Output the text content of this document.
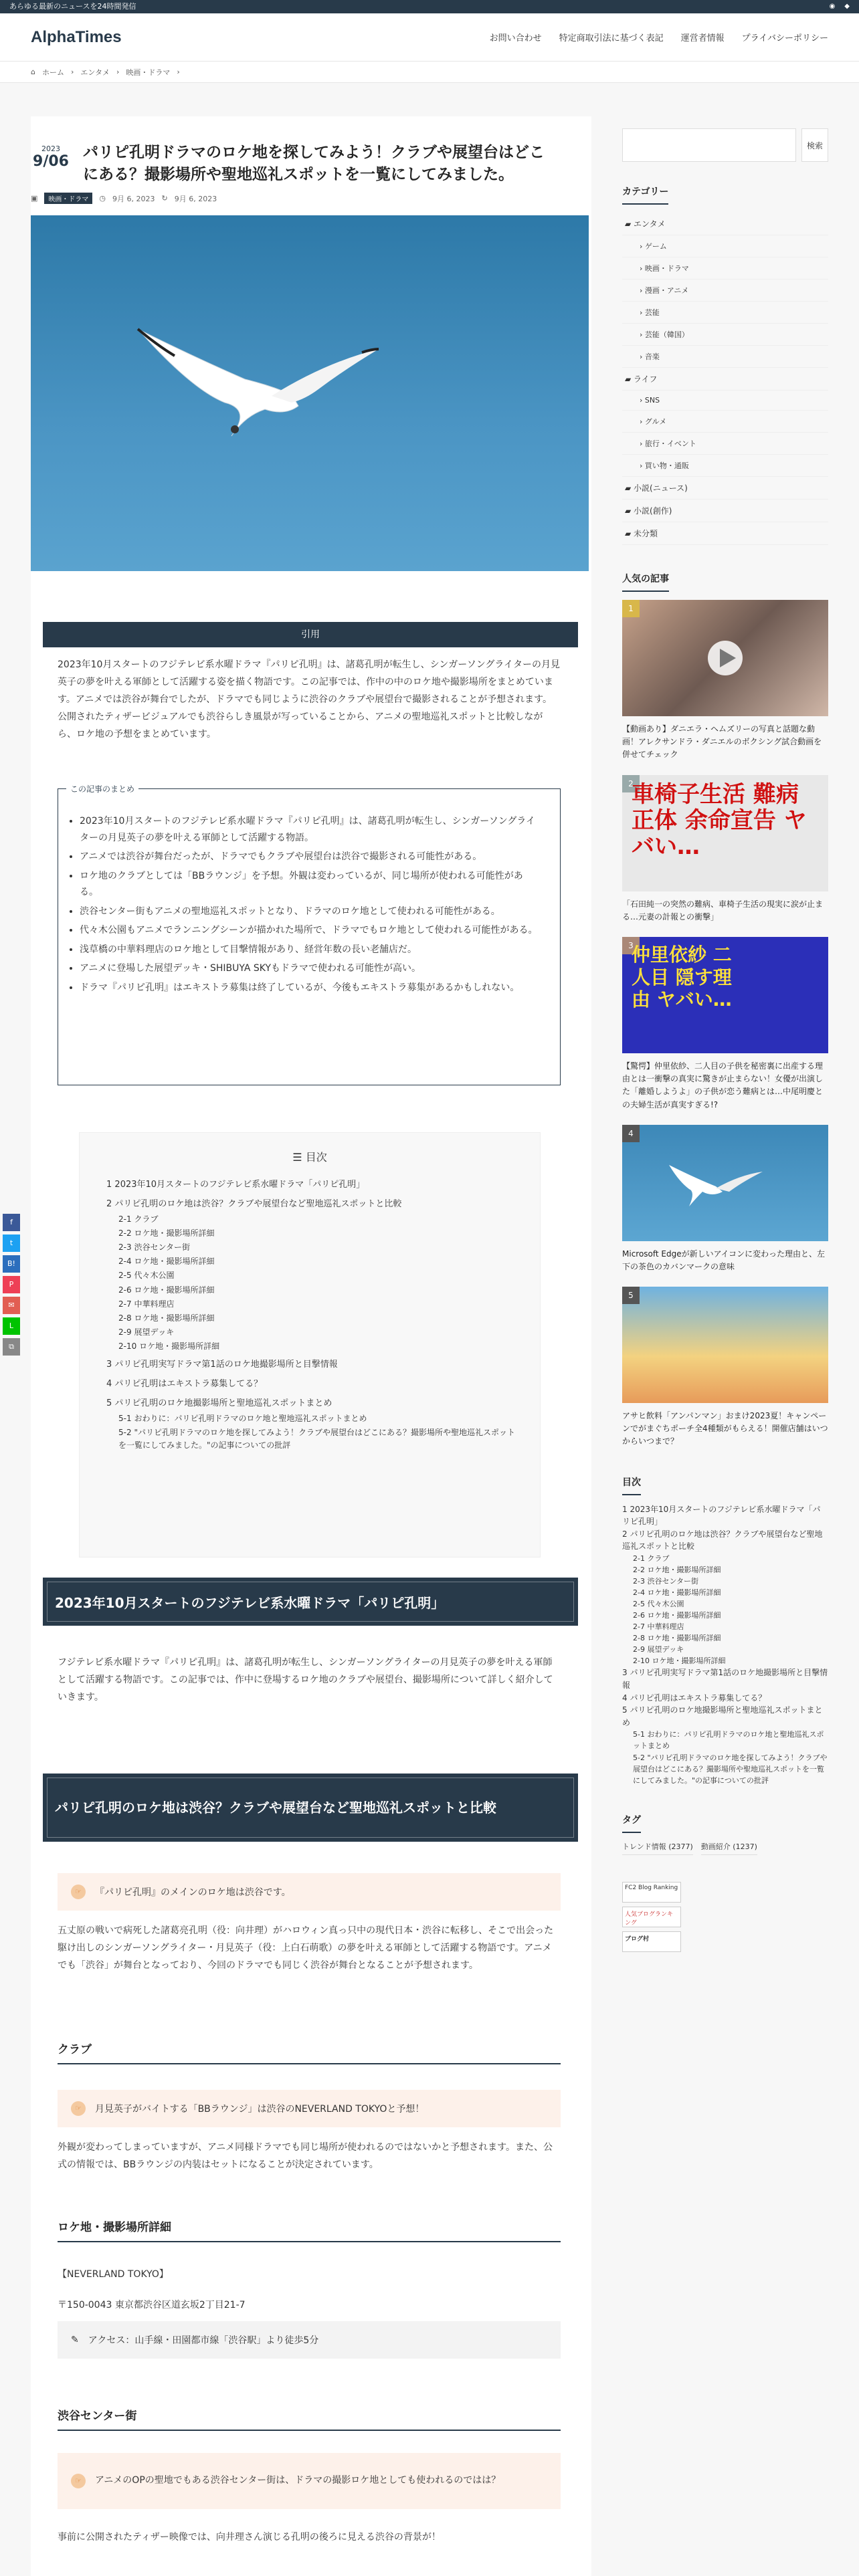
あらゆる最新のニュースを24時間発信	◉ ◆
AlphaTimes	お問い合わせ 特定商取引法に基づく表記 運営者情報 プライバシーポリシー
⌂ ホーム › エンタメ › 映画・ドラマ ›
f
t
B!
P
✉
L
⧉
2023
9/06
パリピ孔明ドラマのロケ地を探してみよう！クラブや展望台はどこにある？撮影場所や聖地巡礼スポットを一覧にしてみました。
▣	映画・ドラマ	◷ 9月 6, 2023 ↻ 9月 6, 2023
引用

2023年10月スタートのフジテレビ系水曜ドラマ『パリピ孔明』は、諸葛孔明が転生し、シンガーソングライターの月見英子の夢を叶える軍師として活躍する姿を描く物語です。この記事では、作中の中のロケ地や撮影場所をまとめています。アニメでは渋谷が舞台でしたが、ドラマでも同じように渋谷のクラブや展望台で撮影されることが予想されます。公開されたティザービジュアルでも渋谷らしき風景が写っていることから、アニメの聖地巡礼スポットと比較しながら、ロケ地の予想をまとめています。

この記事のまとめ
• 2023年10月スタートのフジテレビ系水曜ドラマ『パリピ孔明』は、諸葛孔明が転生し、シンガーソングライターの月見英子の夢を叶える軍師として活躍する物語。
• アニメでは渋谷が舞台だったが、ドラマでもクラブや展望台は渋谷で撮影される可能性がある。
• ロケ地のクラブとしては「BBラウンジ」を予想。外観は変わっているが、同じ場所が使われる可能性がある。
• 渋谷センター街もアニメの聖地巡礼スポットとなり、ドラマのロケ地として使われる可能性がある。
• 代々木公園もアニメでランニングシーンが描かれた場所で、ドラマでもロケ地として使われる可能性がある。
• 浅草橋の中華料理店のロケ地として目撃情報があり、経営年数の長い老舗店だ。
• アニメに登場した展望デッキ・SHIBUYA SKYもドラマで使われる可能性が高い。
• ドラマ『パリピ孔明』はエキストラ募集は終了しているが、今後もエキストラ募集があるかもしれない。
☰ 目次
1 2023年10月スタートのフジテレビ系水曜ドラマ「パリピ孔明」
2 パリピ孔明のロケ地は渋谷？クラブや展望台など聖地巡礼スポットと比較
2-1 クラブ
2-2 ロケ地・撮影場所詳細
2-3 渋谷センター街
2-4 ロケ地・撮影場所詳細
2-5 代々木公園
2-6 ロケ地・撮影場所詳細
2-7 中華料理店
2-8 ロケ地・撮影場所詳細
2-9 展望デッキ
2-10 ロケ地・撮影場所詳細
3 パリピ孔明実写ドラマ第1話のロケ地撮影場所と目撃情報
4 パリピ孔明はエキストラ募集してる？
5 パリピ孔明のロケ地撮影場所と聖地巡礼スポットまとめ
5-1 おわりに：パリピ孔明ドラマのロケ地と聖地巡礼スポットまとめ
5-2 "パリピ孔明ドラマのロケ地を探してみよう！クラブや展望台はどこにある？撮影場所や聖地巡礼スポットを一覧にしてみました。"の記事についての批評
2023年10月スタートのフジテレビ系水曜ドラマ「パリピ孔明」

フジテレビ系水曜ドラマ『パリピ孔明』は、諸葛孔明が転生し、シンガーソングライターの月見英子の夢を叶える軍師として活躍する物語です。この記事では、作中に登場するロケ地のクラブや展望台、撮影場所について詳しく紹介していきます。

パリピ孔明のロケ地は渋谷？クラブや展望台など聖地巡礼スポットと比較
☞	『パリピ孔明』のメインのロケ地は渋谷です。

五丈原の戦いで病死した諸葛亮孔明（役：向井理）がハロウィン真っ只中の現代日本・渋谷に転移し、そこで出会った駆け出しのシンガーソングライター・月見英子（役：上白石萌歌）の夢を叶える軍師として活躍する物語です。アニメでも「渋谷」が舞台となっており、今回のドラマでも同じく渋谷が舞台となることが予想されます。

クラブ
☞	月見英子がバイトする「BBラウンジ」は渋谷のNEVERLAND TOKYOと予想！

外観が変わってしまっていますが、アニメ同様ドラマでも同じ場所が使われるのではないかと予想されます。また、公式の情報では、BBラウンジの内装はセットになることが決定されています。

ロケ地・撮影場所詳細

【NEVERLAND TOKYO】

〒150-0043 東京都渋谷区道玄坂2丁目21-7

✎ アクセス：山手線・田園都市線「渋谷駅」より徒歩5分
渋谷センター街
☞	アニメのOPの聖地でもある渋谷センター街は、ドラマの撮影ロケ地としても使われるのではは？

事前に公開されたティザー映像では、向井理さん演じる孔明の後ろに見える渋谷の背景が！

検索
カテゴリー
▰ エンタメ
› ゲーム
› 映画・ドラマ
› 漫画・アニメ
› 芸能
› 芸能（韓国）
› 音楽
▰ ライフ
› SNS
› グルメ
› 旅行・イベント
› 買い物・通販
▰ 小説(ニュース)
▰ 小説(創作)
▰ 未分類
人気の記事
1
【動画あり】ダニエラ・ヘムズリーの写真と話題な動画！アレクサンドラ・ダニエルのボクシング試合動画を併せてチェック
2
車椅子生活 難病正体 余命宣告 ヤバい…
「石田純一の突然の難病、車椅子生活の現実に涙が止まる…元妻の計報との衝撃」
3
仲里依紗 二人目 隠す理由 ヤバい…
【驚愕】仲里依紗、二人目の子供を秘密裏に出産する理由とは一衝撃の真実に驚きが止まらない！女優が出演した「離婚しようよ」の子供が恋う難病とは…中尾明慶との夫婦生活が真実すぎる!?
4
Microsoft Edgeが新しいアイコンに変わった理由と、左下の茶色のカバンマークの意味
5
アサヒ飲料「アンパンマン」おまけ2023夏！キャンペーンでがまぐちポーチ全4種類がもらえる！開催店舗はいつからいつまで？
目次
1 2023年10月スタートのフジテレビ系水曜ドラマ「パリピ孔明」
2 パリピ孔明のロケ地は渋谷？クラブや展望台など聖地巡礼スポットと比較
2-1 クラブ
2-2 ロケ地・撮影場所詳細
2-3 渋谷センター街
2-4 ロケ地・撮影場所詳細
2-5 代々木公園
2-6 ロケ地・撮影場所詳細
2-7 中華料理店
2-8 ロケ地・撮影場所詳細
2-9 展望デッキ
2-10 ロケ地・撮影場所詳細
3 パリピ孔明実写ドラマ第1話のロケ地撮影場所と目撃情報
4 パリピ孔明はエキストラ募集してる？
5 パリピ孔明のロケ地撮影場所と聖地巡礼スポットまとめ
5-1 おわりに：パリピ孔明ドラマのロケ地と聖地巡礼スポットまとめ
5-2 "パリピ孔明ドラマのロケ地を探してみよう！クラブや展望台はどこにある？撮影場所や聖地巡礼スポットを一覧にしてみました。"の記事についての批評
タグ
トレンド情報 (2377) 動画紹介 (1237)
FC2 Blog Ranking
人気ブログランキング
ブログ村
